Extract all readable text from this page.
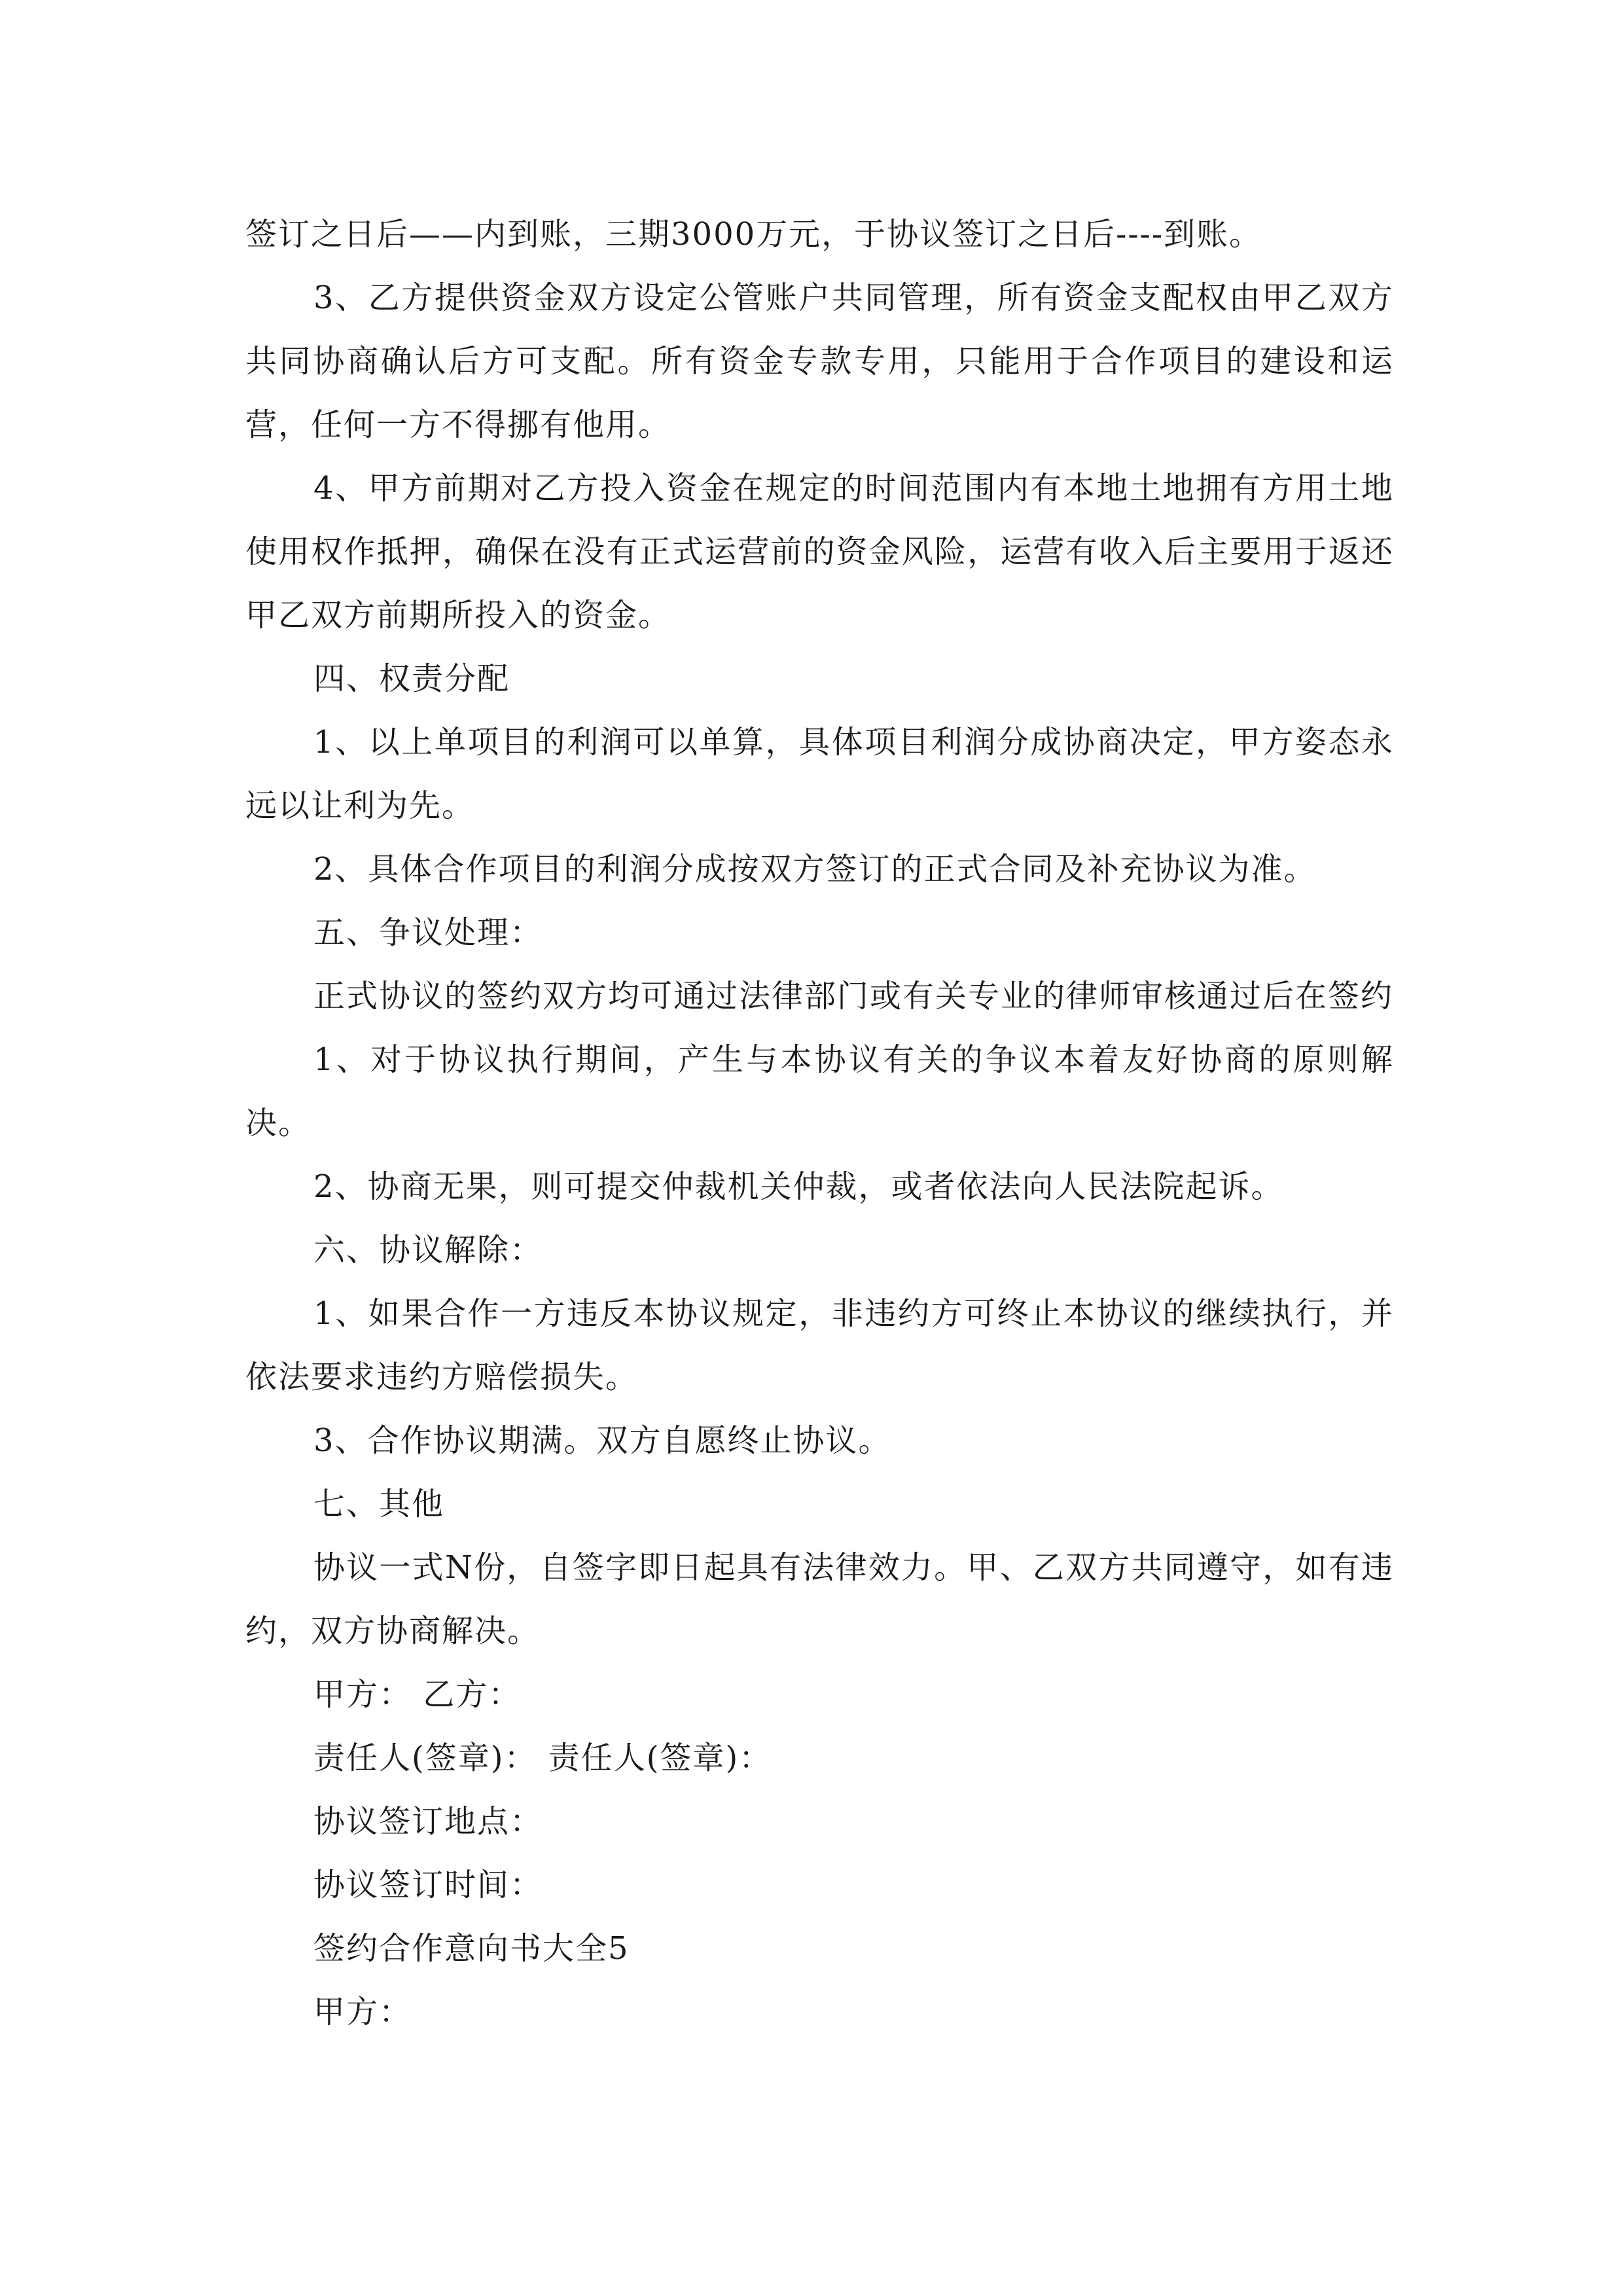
签订之日后——内到账，三期3000万元，于协议签订之日后----到账。

3、乙方提供资金双方设定公管账户共同管理，所有资金支配权由甲乙双方共同协商确认后方可支配。所有资金专款专用，只能用于合作项目的建设和运营，任何一方不得挪有他用。

4、甲方前期对乙方投入资金在规定的时间范围内有本地土地拥有方用土地使用权作抵押，确保在没有正式运营前的资金风险，运营有收入后主要用于返还甲乙双方前期所投入的资金。

四、权责分配

1、以上单项目的利润可以单算，具体项目利润分成协商决定，甲方姿态永远以让利为先。

2、具体合作项目的利润分成按双方签订的正式合同及补充协议为准。

五、争议处理：

正式协议的签约双方均可通过法律部门或有关专业的律师审核通过后在签约

1、对于协议执行期间，产生与本协议有关的争议本着友好协商的原则解决。

2、协商无果，则可提交仲裁机关仲裁，或者依法向人民法院起诉。

六、协议解除：

1、如果合作一方违反本协议规定，非违约方可终止本协议的继续执行，并依法要求违约方赔偿损失。

3、合作协议期满。双方自愿终止协议。

七、其他

协议一式N份，自签字即日起具有法律效力。甲、乙双方共同遵守，如有违约，双方协商解决。

甲方： 乙方：

责任人(签章)： 责任人(签章)：

协议签订地点：

协议签订时间：

签约合作意向书大全5

甲方：
